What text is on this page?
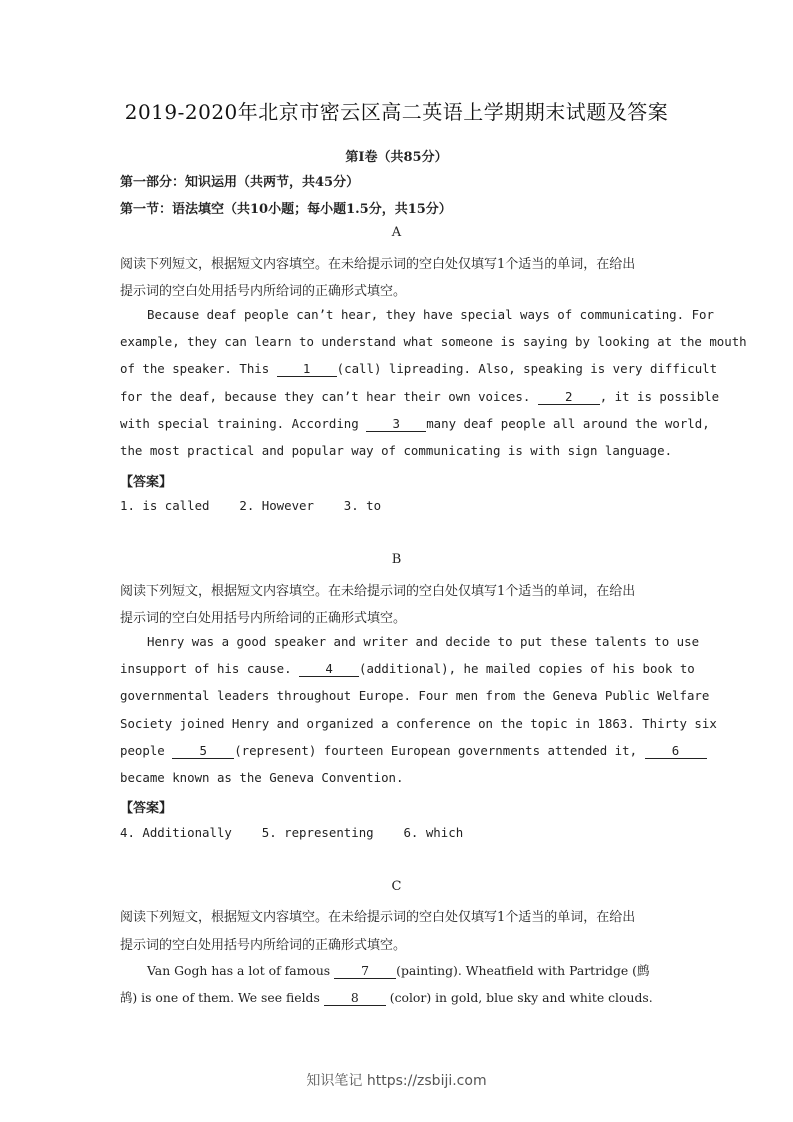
2019-2020年北京市密云区高二英语上学期期末试题及答案
第Ⅰ卷（共85分）
第一部分：知识运用（共两节，共45分）
第一节：语法填空（共10小题；每小题1.5分，共15分）
A
阅读下列短文，根据短文内容填空。在未给提示词的空白处仅填写1个适当的单词，在给出
提示词的空白处用括号内所给词的正确形式填空。
Because deaf people can’t hear, they have special ways of communicating. For
example, they can learn to understand what someone is saying by looking at the mouth
of the speaker. This 1 (call) lipreading. Also, speaking is very difficult
for the deaf, because they can’t hear their own voices. 2 , it is possible
with special training. According 3 many deaf people all around the world,
the most practical and popular way of communicating is with sign language.
【答案】
1. is called    2. However    3. to
B
阅读下列短文，根据短文内容填空。在未给提示词的空白处仅填写1个适当的单词，在给出
提示词的空白处用括号内所给词的正确形式填空。
Henry was a good speaker and writer and decide to put these talents to use
insupport of his cause. 4 (additional), he mailed copies of his book to
governmental leaders throughout Europe. Four men from the Geneva Public Welfare
Society joined Henry and organized a conference on the topic in 1863. Thirty six
people 5 (represent) fourteen European governments attended it, 6
became known as the Geneva Convention.
【答案】
4. Additionally    5. representing    6. which
C
阅读下列短文，根据短文内容填空。在未给提示词的空白处仅填写1个适当的单词，在给出
提示词的空白处用括号内所给词的正确形式填空。
Van Gogh has a lot of famous 7 (painting). Wheatfield with Partridge (鹧
鸪) is one of them. We see fields 8 (color) in gold, blue sky and white clouds.
知识笔记 https://zsbiji.com
